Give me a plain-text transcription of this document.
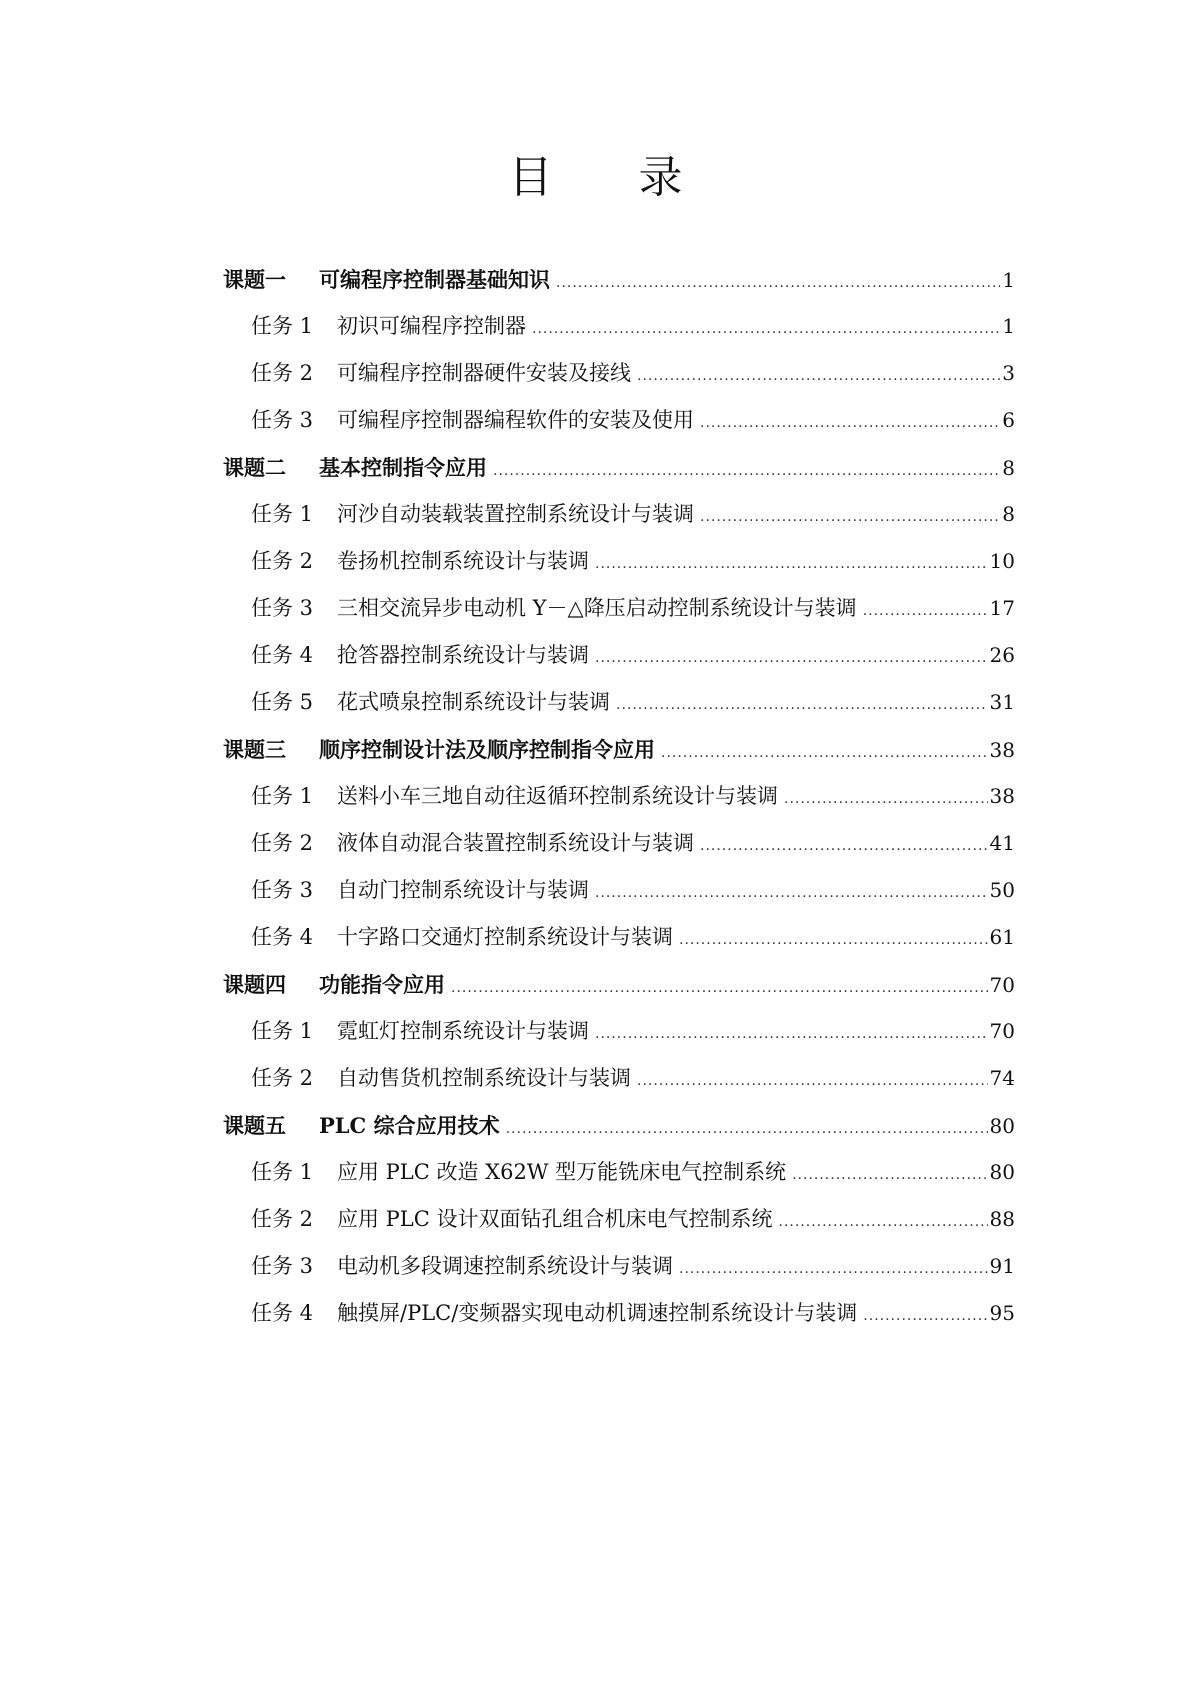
目 录
课题一 可编程序控制器基础知识 .....	1
任务 1 初识可编程序控制器 .....	1
任务 2 可编程序控制器硬件安装及接线 .....	3
任务 3 可编程序控制器编程软件的安装及使用 .....	6
课题二 基本控制指令应用 .....	8
任务 1 河沙自动装载装置控制系统设计与装调 .....	8
任务 2 卷扬机控制系统设计与装调 .....	10
任务 3 三相交流异步电动机 Y－△降压启动控制系统设计与装调 .....	17
任务 4 抢答器控制系统设计与装调 .....	26
任务 5 花式喷泉控制系统设计与装调 .....	31
课题三 顺序控制设计法及顺序控制指令应用 .....	38
任务 1 送料小车三地自动往返循环控制系统设计与装调 .....	38
任务 2 液体自动混合装置控制系统设计与装调 .....	41
任务 3 自动门控制系统设计与装调 .....	50
任务 4 十字路口交通灯控制系统设计与装调 .....	61
课题四 功能指令应用 .....	70
任务 1 霓虹灯控制系统设计与装调 .....	70
任务 2 自动售货机控制系统设计与装调 .....	74
课题五 PLC 综合应用技术 .....	80
任务 1 应用 PLC 改造 X62W 型万能铣床电气控制系统 .....	80
任务 2 应用 PLC 设计双面钻孔组合机床电气控制系统 .....	88
任务 3 电动机多段调速控制系统设计与装调 .....	91
任务 4 触摸屏/PLC/变频器实现电动机调速控制系统设计与装调 .....	95
